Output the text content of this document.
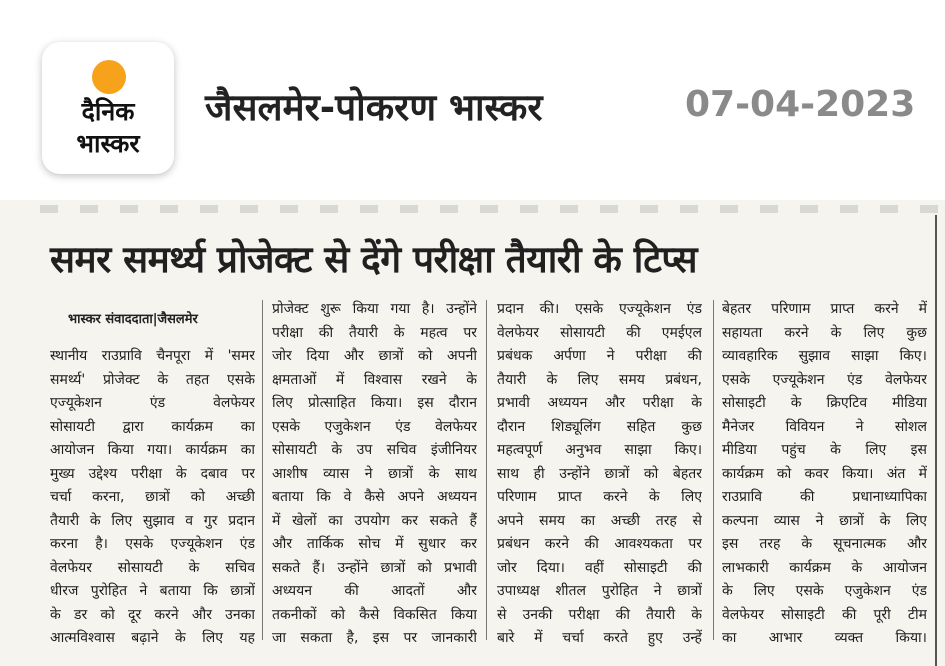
दैनिक
भास्कर
जैसलमेर-पोकरण भास्कर	07-04-2023
समर समर्थ्य प्रोजेक्ट से देंगे परीक्षा तैयारी के टिप्स
भास्कर संवाददाता|जैसलमेर

स्थानीय राउप्रावि चैनपूरा में 'समर

समर्थ्य' प्रोजेक्ट के तहत एसके

एज्यूकेशन एंड वेलफेयर

सोसायटी द्वारा कार्यक्रम का

आयोजन किया गया। कार्यक्रम का

मुख्य उद्देश्य परीक्षा के दबाव पर

चर्चा करना, छात्रों को अच्छी

तैयारी के लिए सुझाव व गुर प्रदान

करना है। एसके एज्यूकेशन एंड

वेलफेयर सोसायटी के सचिव

धीरज पुरोहित ने बताया कि छात्रों

के डर को दूर करने और उनका

आत्मविश्वास बढ़ाने के लिए यह

प्रोजेक्ट शुरू किया गया है। उन्होंने

परीक्षा की तैयारी के महत्व पर

जोर दिया और छात्रों को अपनी

क्षमताओं में विश्वास रखने के

लिए प्रोत्साहित किया। इस दौरान

एसके एजुकेशन एंड वेलफेयर

सोसायटी के उप सचिव इंजीनियर

आशीष व्यास ने छात्रों के साथ

बताया कि वे कैसे अपने अध्ययन

में खेलों का उपयोग कर सकते हैं

और तार्किक सोच में सुधार कर

सकते हैं। उन्होंने छात्रों को प्रभावी

अध्ययन की आदतों और

तकनीकों को कैसे विकसित किया

जा सकता है, इस पर जानकारी

प्रदान की। एसके एज्यूकेशन एंड

वेलफेयर सोसायटी की एमईएल

प्रबंधक अर्पणा ने परीक्षा की

तैयारी के लिए समय प्रबंधन,

प्रभावी अध्ययन और परीक्षा के

दौरान शिड्यूलिंग सहित कुछ

महत्वपूर्ण अनुभव साझा किए।

साथ ही उन्होंने छात्रों को बेहतर

परिणाम प्राप्त करने के लिए

अपने समय का अच्छी तरह से

प्रबंधन करने की आवश्यकता पर

जोर दिया। वहीं सोसाइटी की

उपाध्यक्ष शीतल पुरोहित ने छात्रों

से उनकी परीक्षा की तैयारी के

बारे में चर्चा करते हुए उन्हें

बेहतर परिणाम प्राप्त करने में

सहायता करने के लिए कुछ

व्यावहारिक सुझाव साझा किए।

एसके एज्यूकेशन एंड वेलफेयर

सोसाइटी के क्रिएटिव मीडिया

मैनेजर विवियन ने सोशल

मीडिया पहुंच के लिए इस

कार्यक्रम को कवर किया। अंत में

राउप्रावि की प्रधानाध्यापिका

कल्पना व्यास ने छात्रों के लिए

इस तरह के सूचनात्मक और

लाभकारी कार्यक्रम के आयोजन

के लिए एसके एजुकेशन एंड

वेलफेयर सोसाइटी की पूरी टीम

का आभार व्यक्त किया।
